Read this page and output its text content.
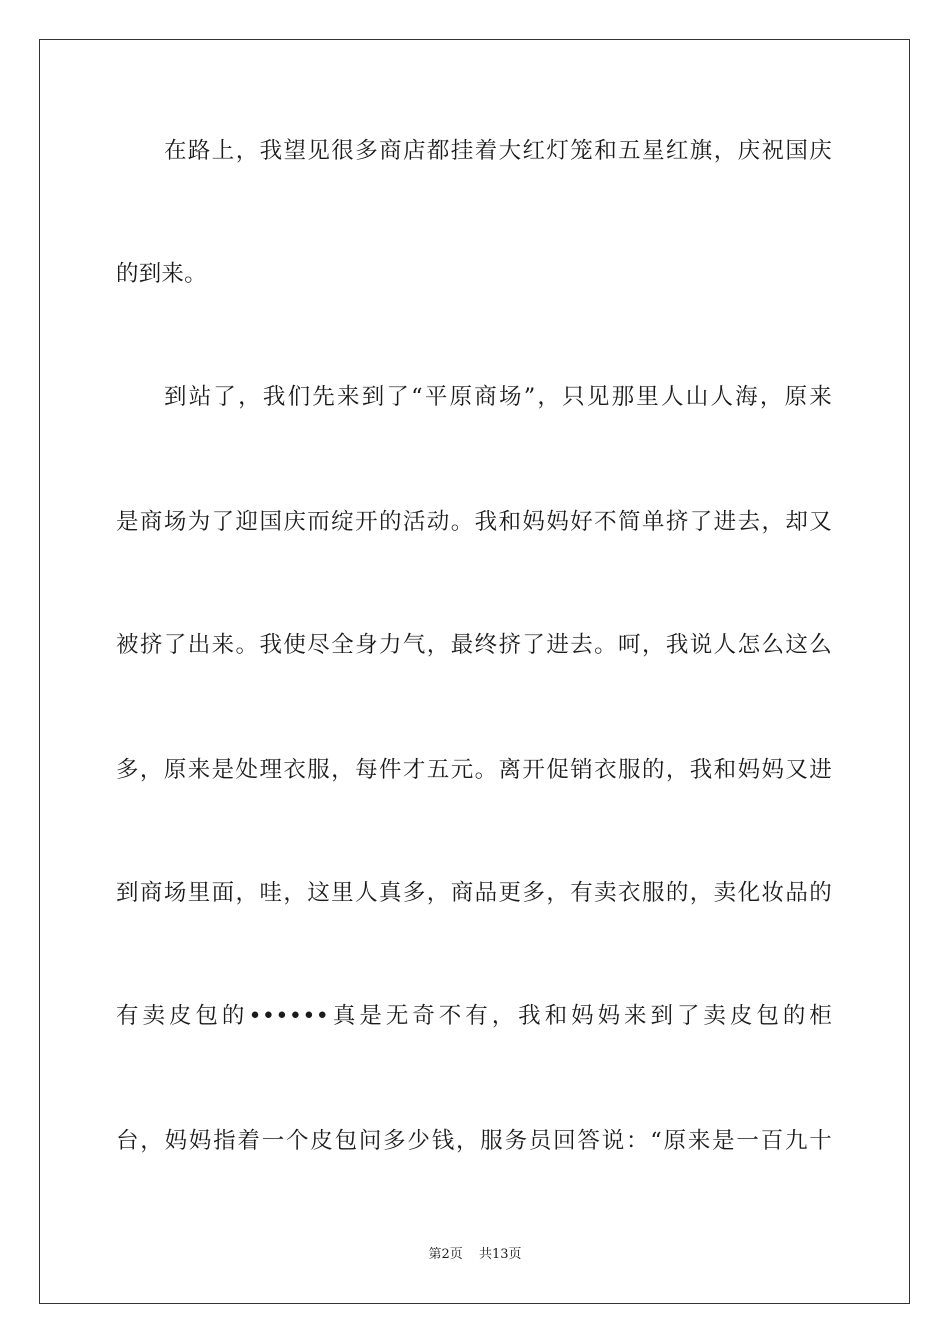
在路上，我望见很多商店都挂着大红灯笼和五星红旗，庆祝国庆

的到来。

到站了，我们先来到了“平原商场”，只见那里人山人海，原来

是商场为了迎国庆而绽开的活动。我和妈妈好不简单挤了进去，却又

被挤了出来。我使尽全身力气，最终挤了进去。呵，我说人怎么这么

多，原来是处理衣服，每件才五元。离开促销衣服的，我和妈妈又进

到商场里面，哇，这里人真多，商品更多，有卖衣服的，卖化妆品的

有卖皮包的••••••真是无奇不有，我和妈妈来到了卖皮包的柜

台，妈妈指着一个皮包问多少钱，服务员回答说：“原来是一百九十

第2页 共13页
